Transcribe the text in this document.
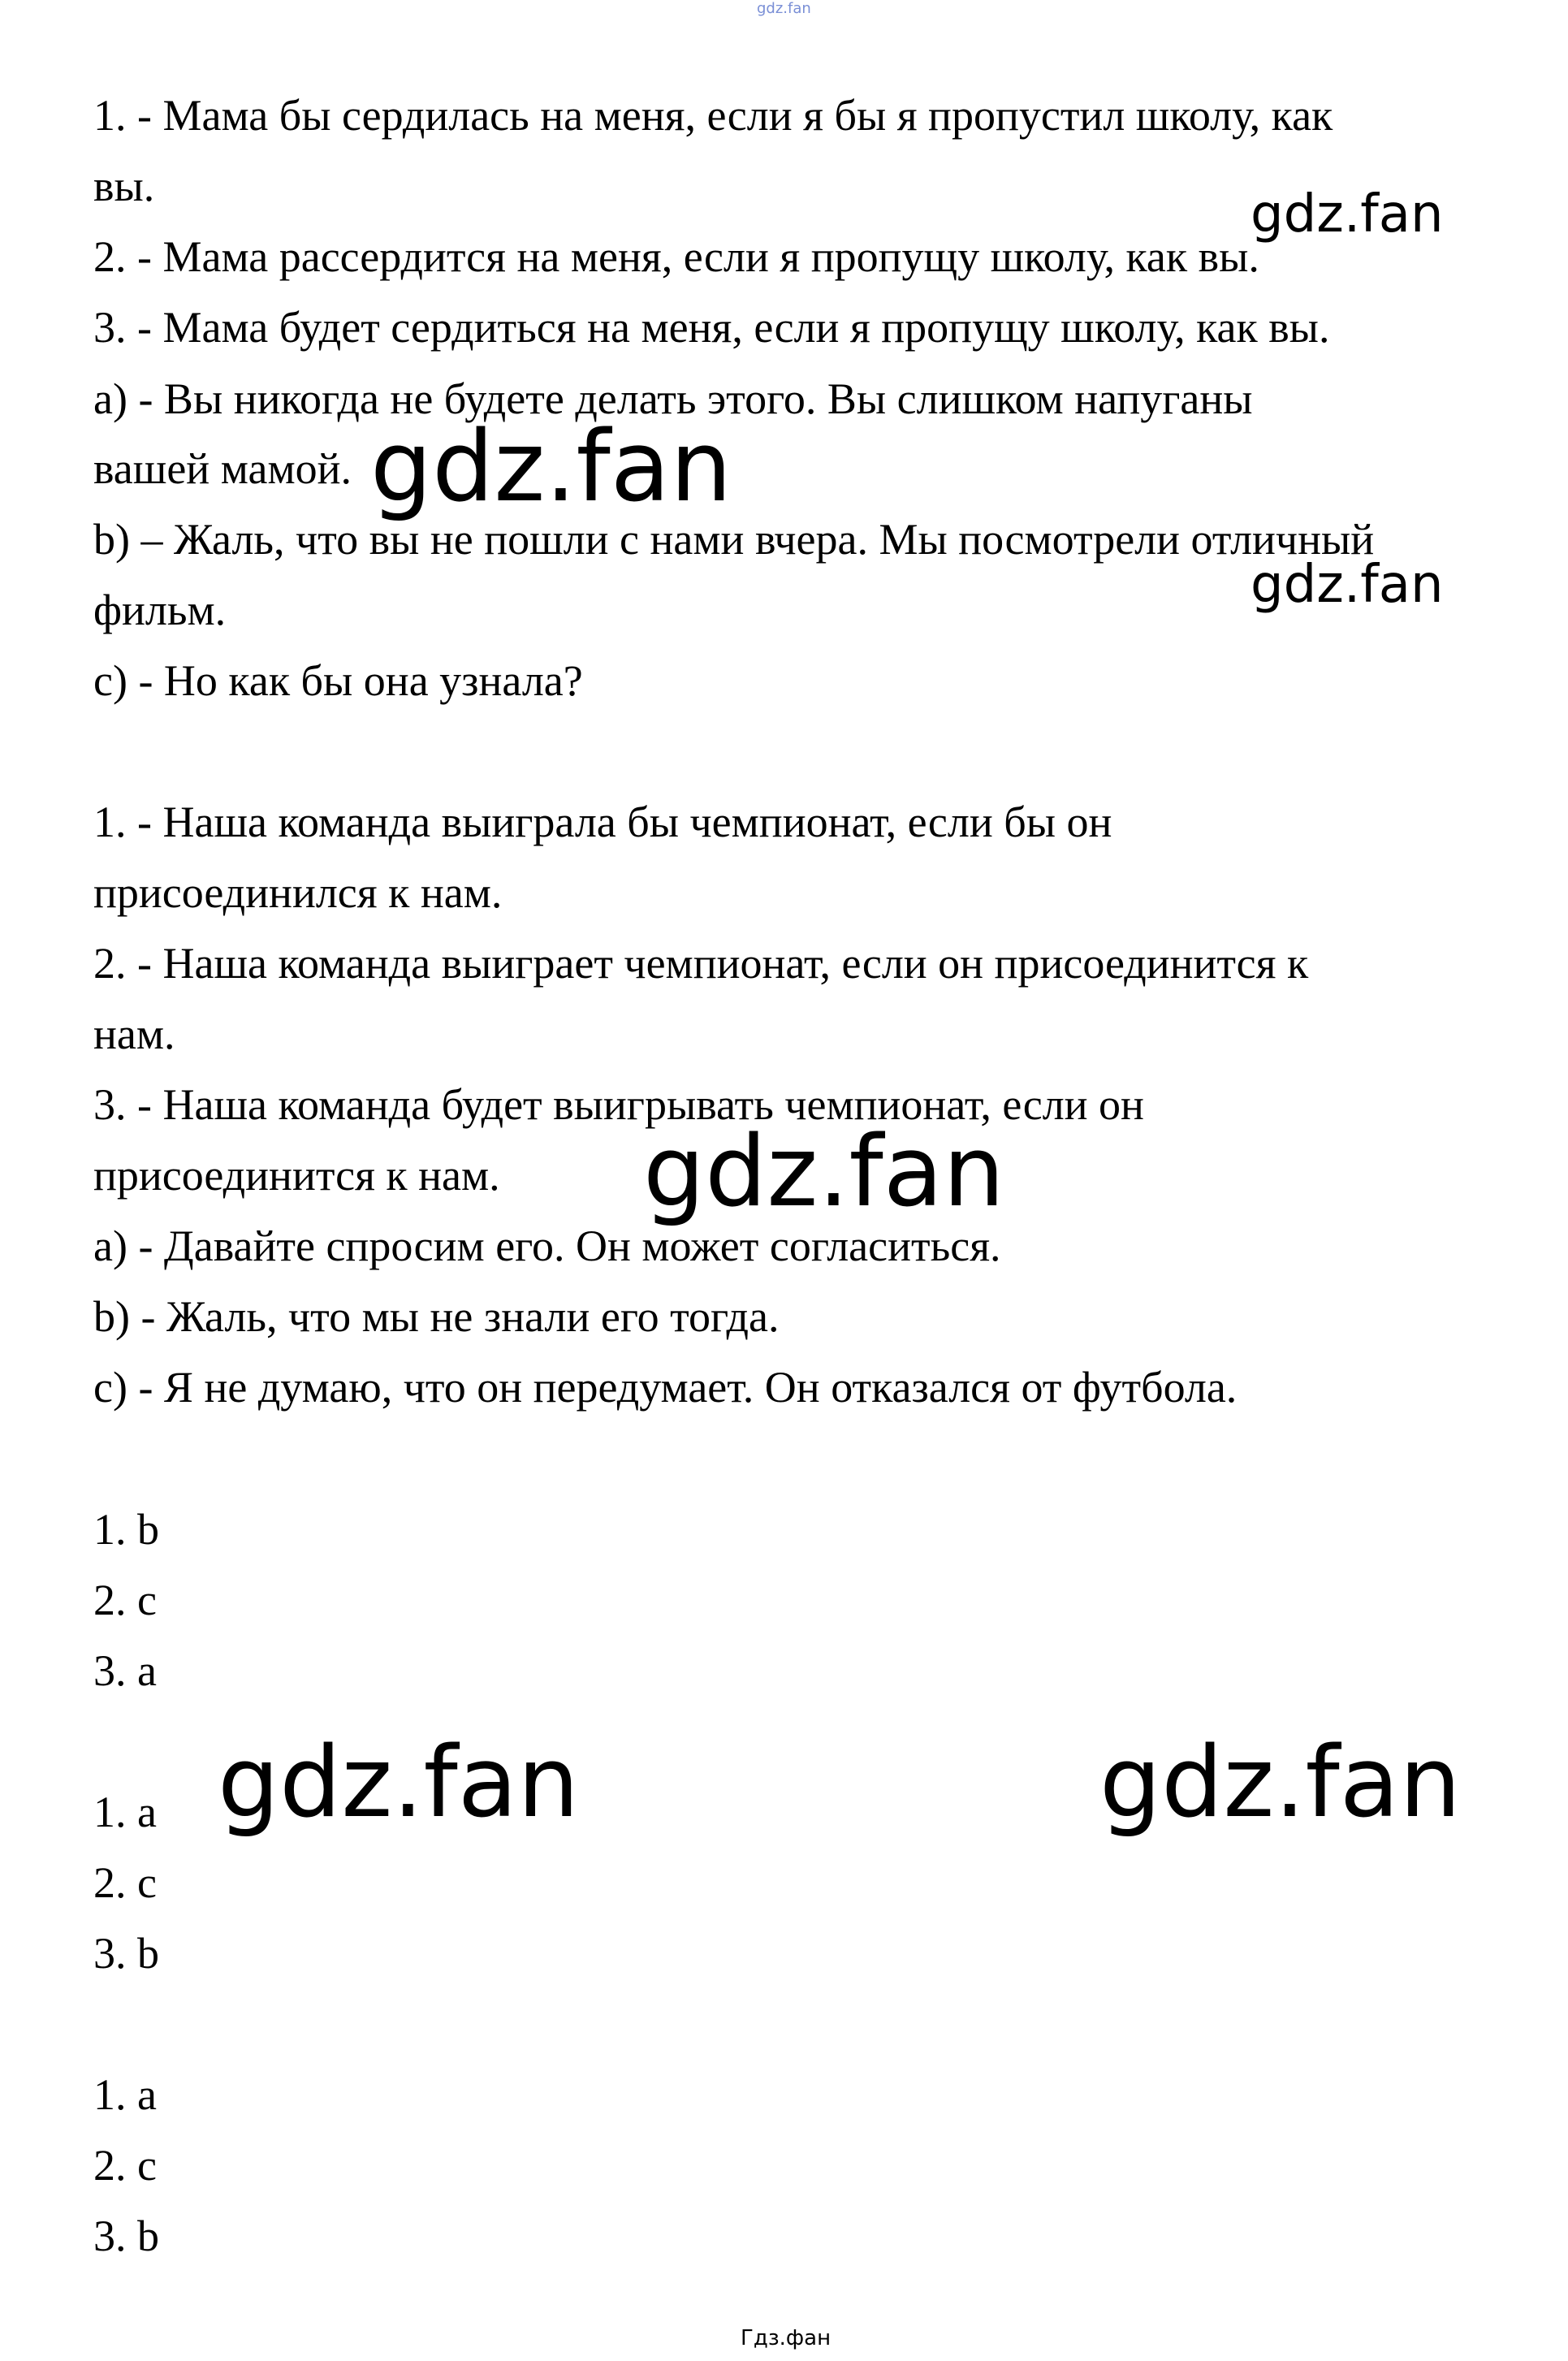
gdz.fan
1. - Мама бы сердилась на меня, если я бы я пропустил школу, как
вы.
2. - Мама рассердится на меня, если я пропущу школу, как вы.
3. - Мама будет сердиться на меня, если я пропущу школу, как вы.
a) - Вы никогда не будете делать этого. Вы слишком напуганы
вашей мамой.
b) – Жаль, что вы не пошли с нами вчера. Мы посмотрели отличный
фильм.
c) - Но как бы она узнала?
1. - Наша команда выиграла бы чемпионат, если бы он
присоединился к нам.
2. - Наша команда выиграет чемпионат, если он присоединится к
нам.
3. - Наша команда будет выигрывать чемпионат, если он
присоединится к нам.
a) - Давайте спросим его. Он может согласиться.
b) - Жаль, что мы не знали его тогда.
c) - Я не думаю, что он передумает. Он отказался от футбола.
1. b
2. c
3. a
1. a
2. c
3. b
1. a
2. c
3. b
gdz.fan
gdz.fan
gdz.fan
gdz.fan
gdz.fan	gdz.fan
Гдз.фан
